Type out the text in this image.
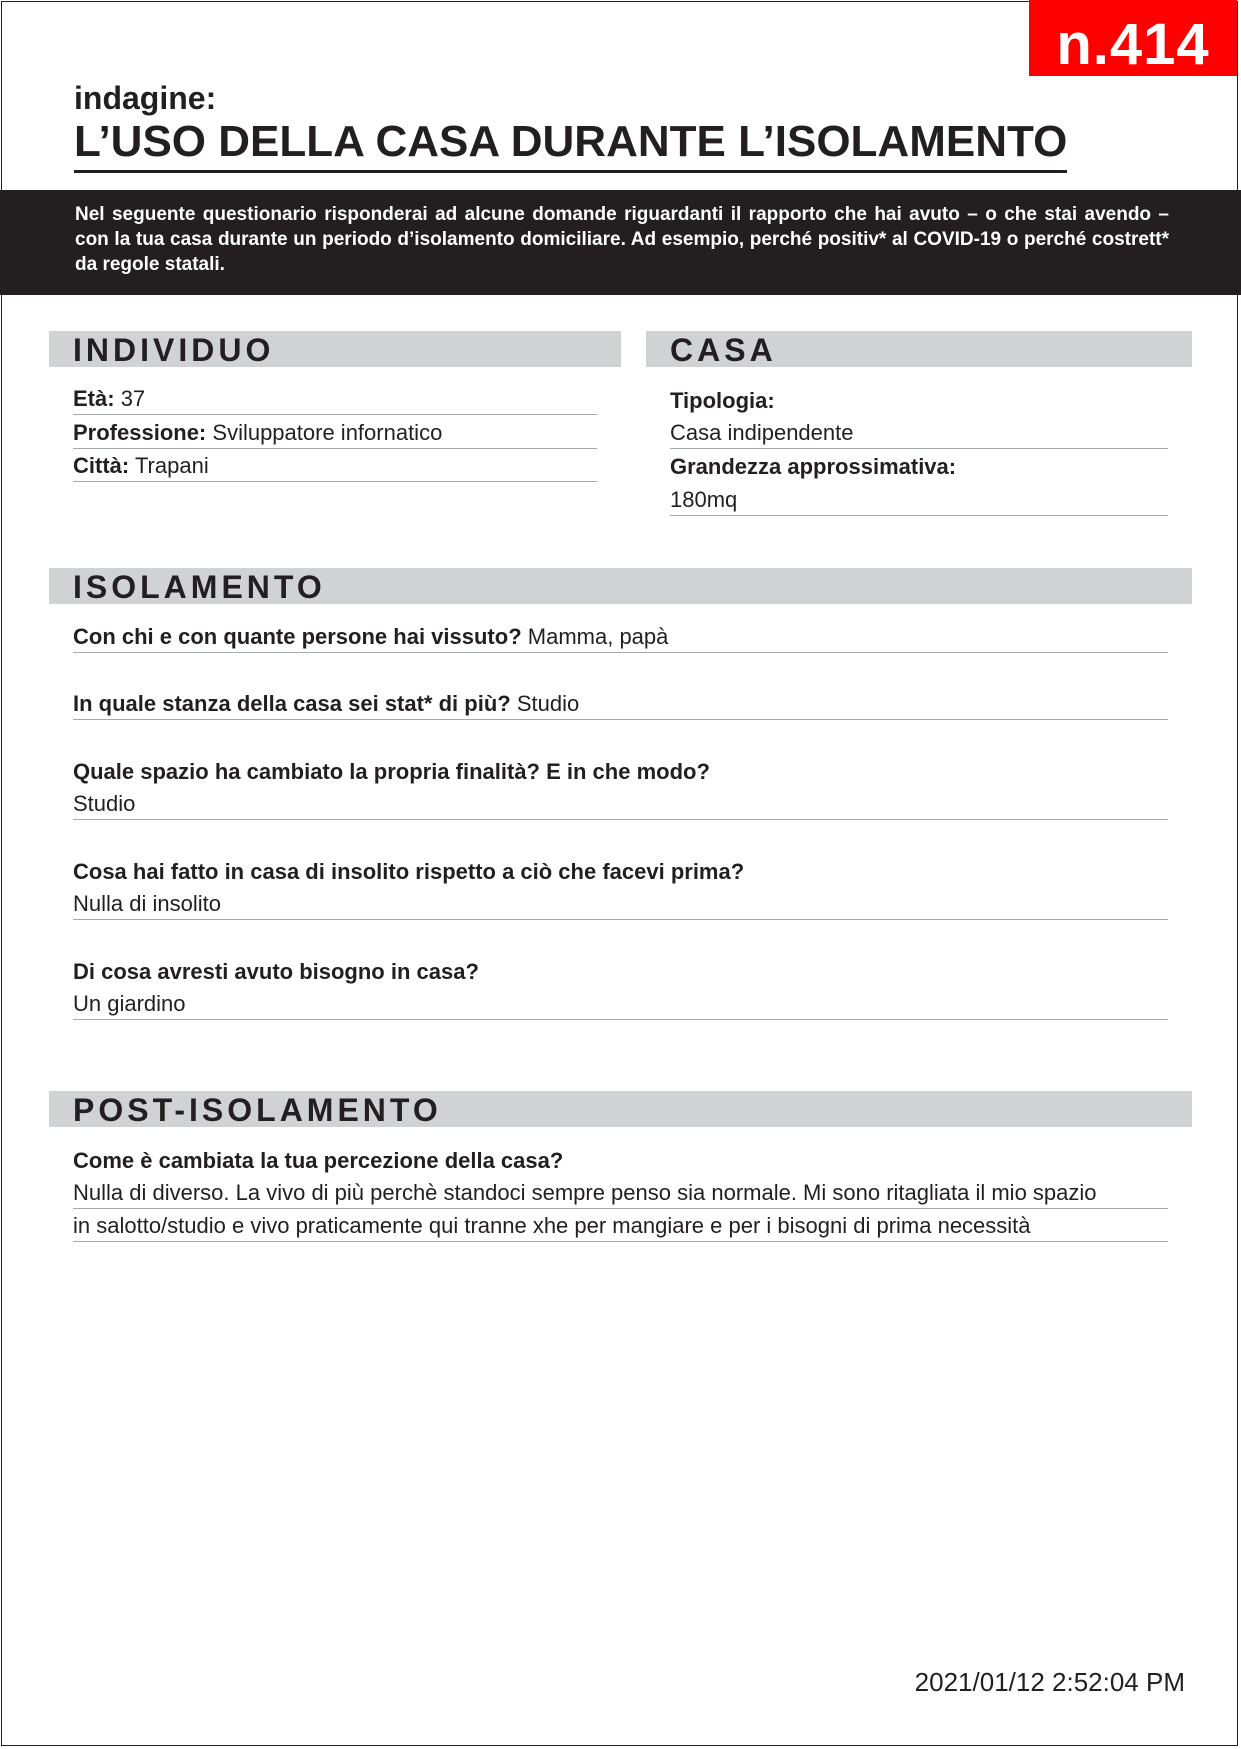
n.414
indagine:
L’USO DELLA CASA DURANTE L’ISOLAMENTO
Nel seguente questionario risponderai ad alcune domande riguardanti il rapporto che hai avuto – o che stai avendo – con la tua casa durante un periodo d’isolamento domiciliare. Ad esempio, perché positiv* al COVID-19 o perché costrett* da regole statali.
INDIVIDUO
Età: 37
Professione: Sviluppatore infornatico
Città: Trapani
CASA
Tipologia:
Casa indipendente
Grandezza approssimativa:
180mq
ISOLAMENTO
Con chi e con quante persone hai vissuto? Mamma, papà
In quale stanza della casa sei stat* di più? Studio
Quale spazio ha cambiato la propria finalità? E in che modo?
Studio
Cosa hai fatto in casa di insolito rispetto a ciò che facevi prima?
Nulla di insolito
Di cosa avresti avuto bisogno in casa?
Un giardino
POST-ISOLAMENTO
Come è cambiata la tua percezione della casa?
Nulla di diverso. La vivo di più perchè standoci sempre penso sia normale. Mi sono ritagliata il mio spazio
in salotto/studio e vivo praticamente qui tranne xhe per mangiare e per i bisogni di prima necessità
2021/01/12 2:52:04 PM
